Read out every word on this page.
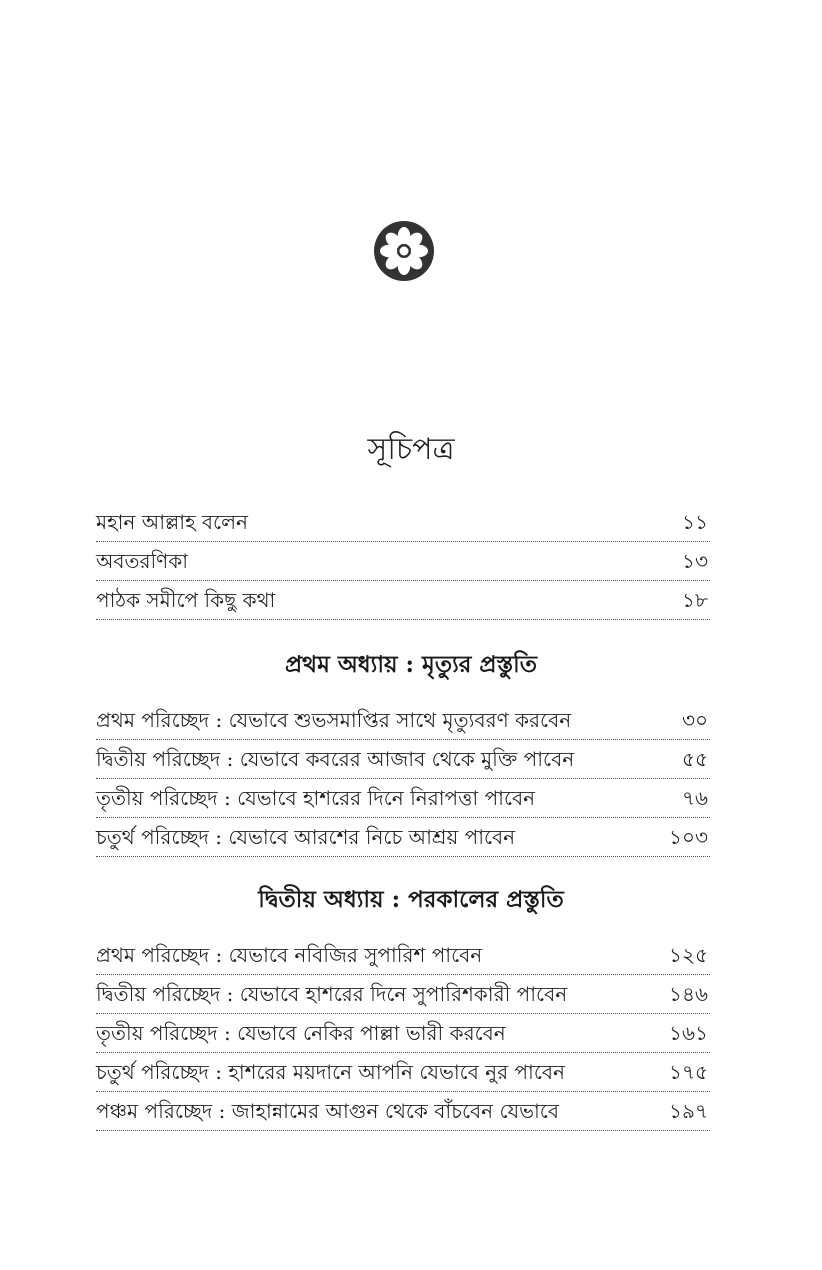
সূচিপত্র
মহান আল্লাহ বলেন	১১
অবতরণিকা	১৩
পাঠক সমীপে কিছু কথা	১৮
প্রথম অধ্যায় : মৃত্যুর প্রস্তুতি
প্রথম পরিচ্ছেদ : যেভাবে শুভসমাপ্তির সাথে মৃত্যুবরণ করবেন	৩০
দ্বিতীয় পরিচ্ছেদ : যেভাবে কবরের আজাব থেকে মুক্তি পাবেন	৫৫
তৃতীয় পরিচ্ছেদ : যেভাবে হাশরের দিনে নিরাপত্তা পাবেন	৭৬
চতুর্থ পরিচ্ছেদ : যেভাবে আরশের নিচে আশ্রয় পাবেন	১০৩
দ্বিতীয় অধ্যায় : পরকালের প্রস্তুতি
প্রথম পরিচ্ছেদ : যেভাবে নবিজির সুপারিশ পাবেন	১২৫
দ্বিতীয় পরিচ্ছেদ : যেভাবে হাশরের দিনে সুপারিশকারী পাবেন	১৪৬
তৃতীয় পরিচ্ছেদ : যেভাবে নেকির পাল্লা ভারী করবেন	১৬১
চতুর্থ পরিচ্ছেদ : হাশরের ময়দানে আপনি যেভাবে নুর পাবেন	১৭৫
পঞ্চম পরিচ্ছেদ : জাহান্নামের আগুন থেকে বাঁচবেন যেভাবে	১৯৭
